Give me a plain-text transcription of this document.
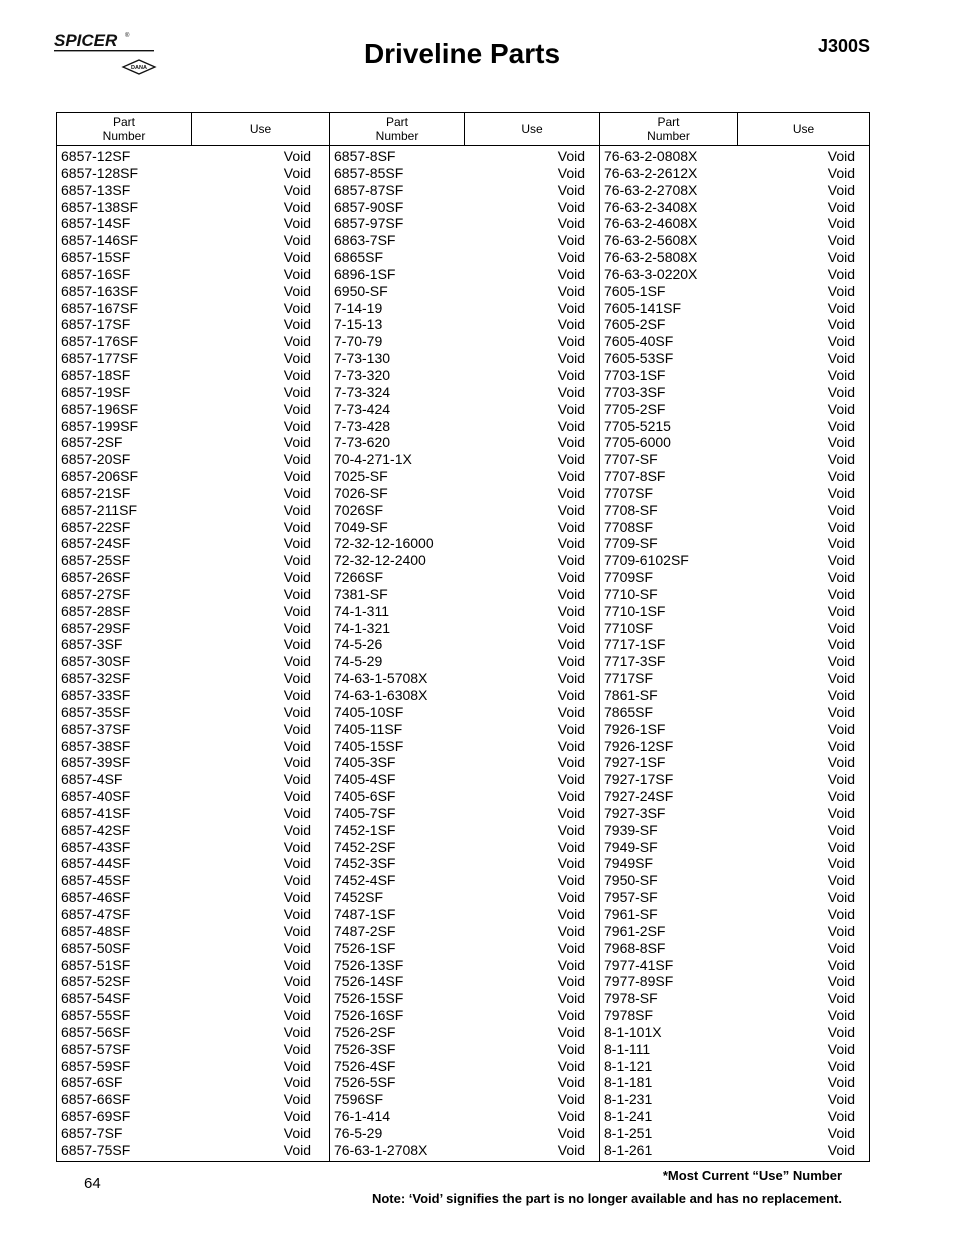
SPICER ®
DANA	Driveline Parts	J300S
Part
Number	Use
6857-12SF	Void
6857-128SF	Void
6857-13SF	Void
6857-138SF	Void
6857-14SF	Void
6857-146SF	Void
6857-15SF	Void
6857-16SF	Void
6857-163SF	Void
6857-167SF	Void
6857-17SF	Void
6857-176SF	Void
6857-177SF	Void
6857-18SF	Void
6857-19SF	Void
6857-196SF	Void
6857-199SF	Void
6857-2SF	Void
6857-20SF	Void
6857-206SF	Void
6857-21SF	Void
6857-211SF	Void
6857-22SF	Void
6857-24SF	Void
6857-25SF	Void
6857-26SF	Void
6857-27SF	Void
6857-28SF	Void
6857-29SF	Void
6857-3SF	Void
6857-30SF	Void
6857-32SF	Void
6857-33SF	Void
6857-35SF	Void
6857-37SF	Void
6857-38SF	Void
6857-39SF	Void
6857-4SF	Void
6857-40SF	Void
6857-41SF	Void
6857-42SF	Void
6857-43SF	Void
6857-44SF	Void
6857-45SF	Void
6857-46SF	Void
6857-47SF	Void
6857-48SF	Void
6857-50SF	Void
6857-51SF	Void
6857-52SF	Void
6857-54SF	Void
6857-55SF	Void
6857-56SF	Void
6857-57SF	Void
6857-59SF	Void
6857-6SF	Void
6857-66SF	Void
6857-69SF	Void
6857-7SF	Void
6857-75SF	Void
Part
Number	Use
6857-8SF	Void
6857-85SF	Void
6857-87SF	Void
6857-90SF	Void
6857-97SF	Void
6863-7SF	Void
6865SF	Void
6896-1SF	Void
6950-SF	Void
7-14-19	Void
7-15-13	Void
7-70-79	Void
7-73-130	Void
7-73-320	Void
7-73-324	Void
7-73-424	Void
7-73-428	Void
7-73-620	Void
70-4-271-1X	Void
7025-SF	Void
7026-SF	Void
7026SF	Void
7049-SF	Void
72-32-12-16000	Void
72-32-12-2400	Void
7266SF	Void
7381-SF	Void
74-1-311	Void
74-1-321	Void
74-5-26	Void
74-5-29	Void
74-63-1-5708X	Void
74-63-1-6308X	Void
7405-10SF	Void
7405-11SF	Void
7405-15SF	Void
7405-3SF	Void
7405-4SF	Void
7405-6SF	Void
7405-7SF	Void
7452-1SF	Void
7452-2SF	Void
7452-3SF	Void
7452-4SF	Void
7452SF	Void
7487-1SF	Void
7487-2SF	Void
7526-1SF	Void
7526-13SF	Void
7526-14SF	Void
7526-15SF	Void
7526-16SF	Void
7526-2SF	Void
7526-3SF	Void
7526-4SF	Void
7526-5SF	Void
7596SF	Void
76-1-414	Void
76-5-29	Void
76-63-1-2708X	Void
Part
Number	Use
76-63-2-0808X	Void
76-63-2-2612X	Void
76-63-2-2708X	Void
76-63-2-3408X	Void
76-63-2-4608X	Void
76-63-2-5608X	Void
76-63-2-5808X	Void
76-63-3-0220X	Void
7605-1SF	Void
7605-141SF	Void
7605-2SF	Void
7605-40SF	Void
7605-53SF	Void
7703-1SF	Void
7703-3SF	Void
7705-2SF	Void
7705-5215	Void
7705-6000	Void
7707-SF	Void
7707-8SF	Void
7707SF	Void
7708-SF	Void
7708SF	Void
7709-SF	Void
7709-6102SF	Void
7709SF	Void
7710-SF	Void
7710-1SF	Void
7710SF	Void
7717-1SF	Void
7717-3SF	Void
7717SF	Void
7861-SF	Void
7865SF	Void
7926-1SF	Void
7926-12SF	Void
7927-1SF	Void
7927-17SF	Void
7927-24SF	Void
7927-3SF	Void
7939-SF	Void
7949-SF	Void
7949SF	Void
7950-SF	Void
7957-SF	Void
7961-SF	Void
7961-2SF	Void
7968-8SF	Void
7977-41SF	Void
7977-89SF	Void
7978-SF	Void
7978SF	Void
8-1-101X	Void
8-1-111	Void
8-1-121	Void
8-1-181	Void
8-1-231	Void
8-1-241	Void
8-1-251	Void
8-1-261	Void
64	*Most Current “Use” Number
Note: ‘Void’ signifies the part is no longer available and has no replacement.
